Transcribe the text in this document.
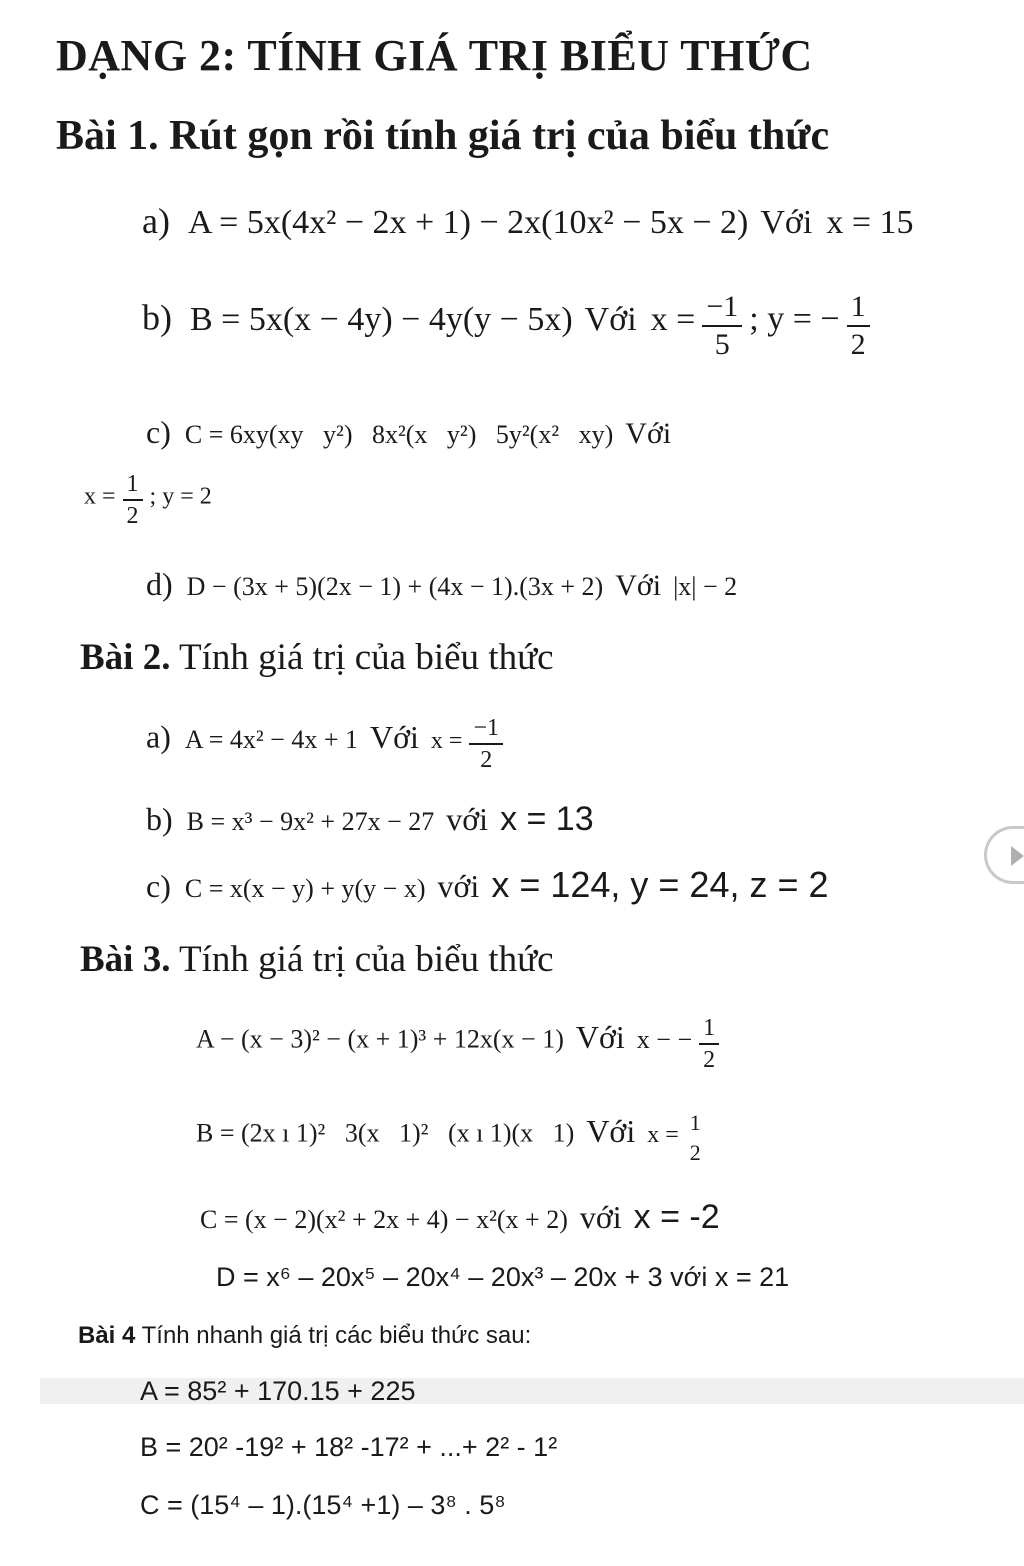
DẠNG 2: TÍNH GIÁ TRỊ BIỂU THỨC
Bài 1. Rút gọn rồi tính giá trị của biểu thức
a) A = 5x(4x² − 2x + 1) − 2x(10x² − 5x − 2) Với x = 15
b) B = 5x(x − 4y) − 4y(y − 5x) Với $x = \frac{-1}{5}$ ; y = − $\frac{1}{2}$
c) C = 6xy(xy   y²)   8x²(x   y²)   5y²(x²   xy) Với
$x = \frac{1}{2}$ ; y = 2
d) D − (3x + 5)(2x − 1) + (4x − 1).(3x + 2) Với |x| − 2
Bài 2. Tính giá trị của biểu thức
a) A = 4x² − 4x + 1 Với $x = \frac{-1}{2}$
b) B = x³ − 9x² + 27x − 27 với x = 13
c) C = x(x − y) + y(y − x) với x = 124, y = 24, z = 2
Bài 3. Tính giá trị của biểu thức
A − (x − 3)² − (x + 1)³ + 12x(x − 1) Với x − − $\frac{1}{2}$
B = (2x ı 1)²   3(x   1)²   (x ı 1)(x   1) Với x = 1
2
C = (x − 2)(x² + 2x + 4) − x²(x + 2) với x = -2
D = x⁶ – 20x⁵ – 20x⁴ – 20x³ – 20x + 3 với x = 21
Bài 4 Tính nhanh giá trị các biểu thức sau:
A = 85² + 170.15 + 225
B = 20² -19² + 18² -17² + ...+ 2² - 1²
C = (15⁴ – 1).(15⁴ +1) – 3⁸ . 5⁸
